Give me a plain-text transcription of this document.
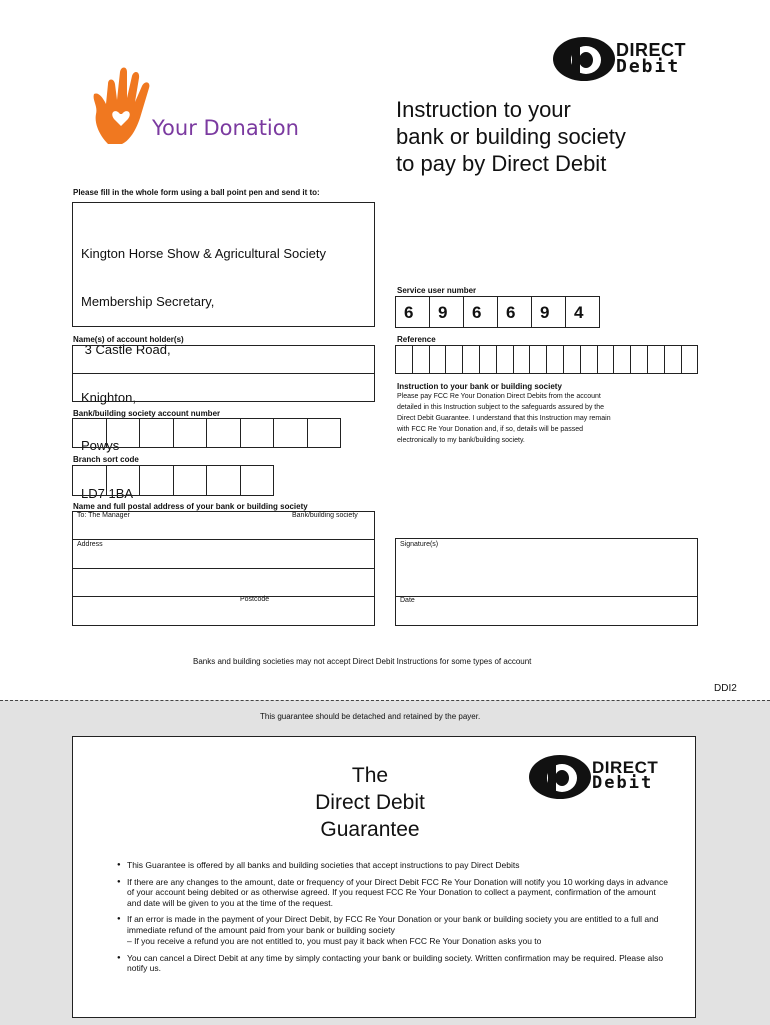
Your Donation
DIRECT
Debit
Instruction to your
bank or building society
to pay by Direct Debit
Please fill in the whole form using a ball point pen and send it to:

Kington Horse Show & Agricultural Society

Membership Secretary,

3 Castle Road,

Knighton,

Powys

LD7 1BA

Service user number
6	9	6	6	9	4
Name(s) of account holder(s)	Reference
Instruction to your bank or building society
Please pay FCC Re Your Donation Direct Debits from the account
detailed in this Instruction subject to the safeguards assured by the
Direct Debit Guarantee. I understand that this Instruction may remain
with FCC Re Your Donation and, if so, details will be passed
electronically to my bank/building society.
Bank/building society account number
Branch sort code
Name and full postal address of your bank or building society
To: The Manager	Bank/building society
Address
Postcode
Signature(s)
Date
Banks and building societies may not accept Direct Debit Instructions for some types of account
DDI2
This guarantee should be detached and retained by the payer.
The
Direct Debit
Guarantee
DIRECT
Debit
● This Guarantee is offered by all banks and building societies that accept instructions to pay Direct Debits
● If there are any changes to the amount, date or frequency of your Direct Debit FCC Re Your Donation will notify you 10 working days in advance of your account being debited or as otherwise agreed. If you request FCC Re Your Donation to collect a payment, confirmation of the amount and date will be given to you at the time of the request.
● If an error is made in the payment of your Direct Debit, by FCC Re Your Donation or your bank or building society you are entitled to a full and immediate refund of the amount paid from your bank or building society
– If you receive a refund you are not entitled to, you must pay it back when FCC Re Your Donation asks you to
● You can cancel a Direct Debit at any time by simply contacting your bank or building society. Written confirmation may be required. Please also notify us.
